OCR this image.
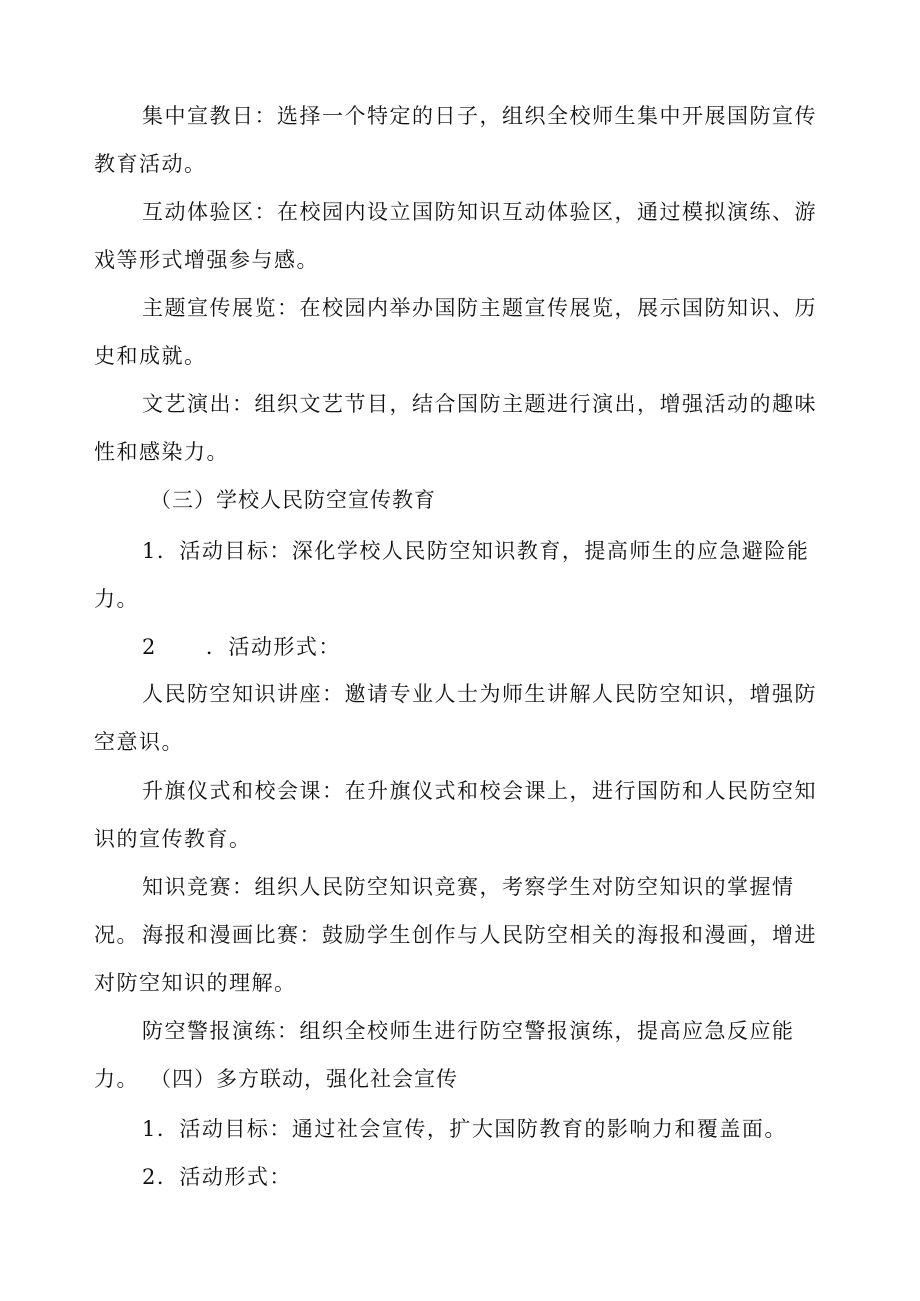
集中宣教日：选择一个特定的日子，组织全校师生集中开展国防宣传教育活动。

互动体验区：在校园内设立国防知识互动体验区，通过模拟演练、游戏等形式增强参与感。

主题宣传展览：在校园内举办国防主题宣传展览，展示国防知识、历史和成就。

文艺演出：组织文艺节目，结合国防主题进行演出，增强活动的趣味性和感染力。

（三）学校人民防空宣传教育

1．活动目标：深化学校人民防空知识教育，提高师生的应急避险能力。

2      ．活动形式：

人民防空知识讲座：邀请专业人士为师生讲解人民防空知识，增强防空意识。

升旗仪式和校会课：在升旗仪式和校会课上，进行国防和人民防空知识的宣传教育。

知识竞赛：组织人民防空知识竞赛，考察学生对防空知识的掌握情况。 海报和漫画比赛：鼓励学生创作与人民防空相关的海报和漫画，增进对防空知识的理解。

防空警报演练：组织全校师生进行防空警报演练，提高应急反应能力。 （四）多方联动，强化社会宣传

1．活动目标：通过社会宣传，扩大国防教育的影响力和覆盖面。

2．活动形式：
